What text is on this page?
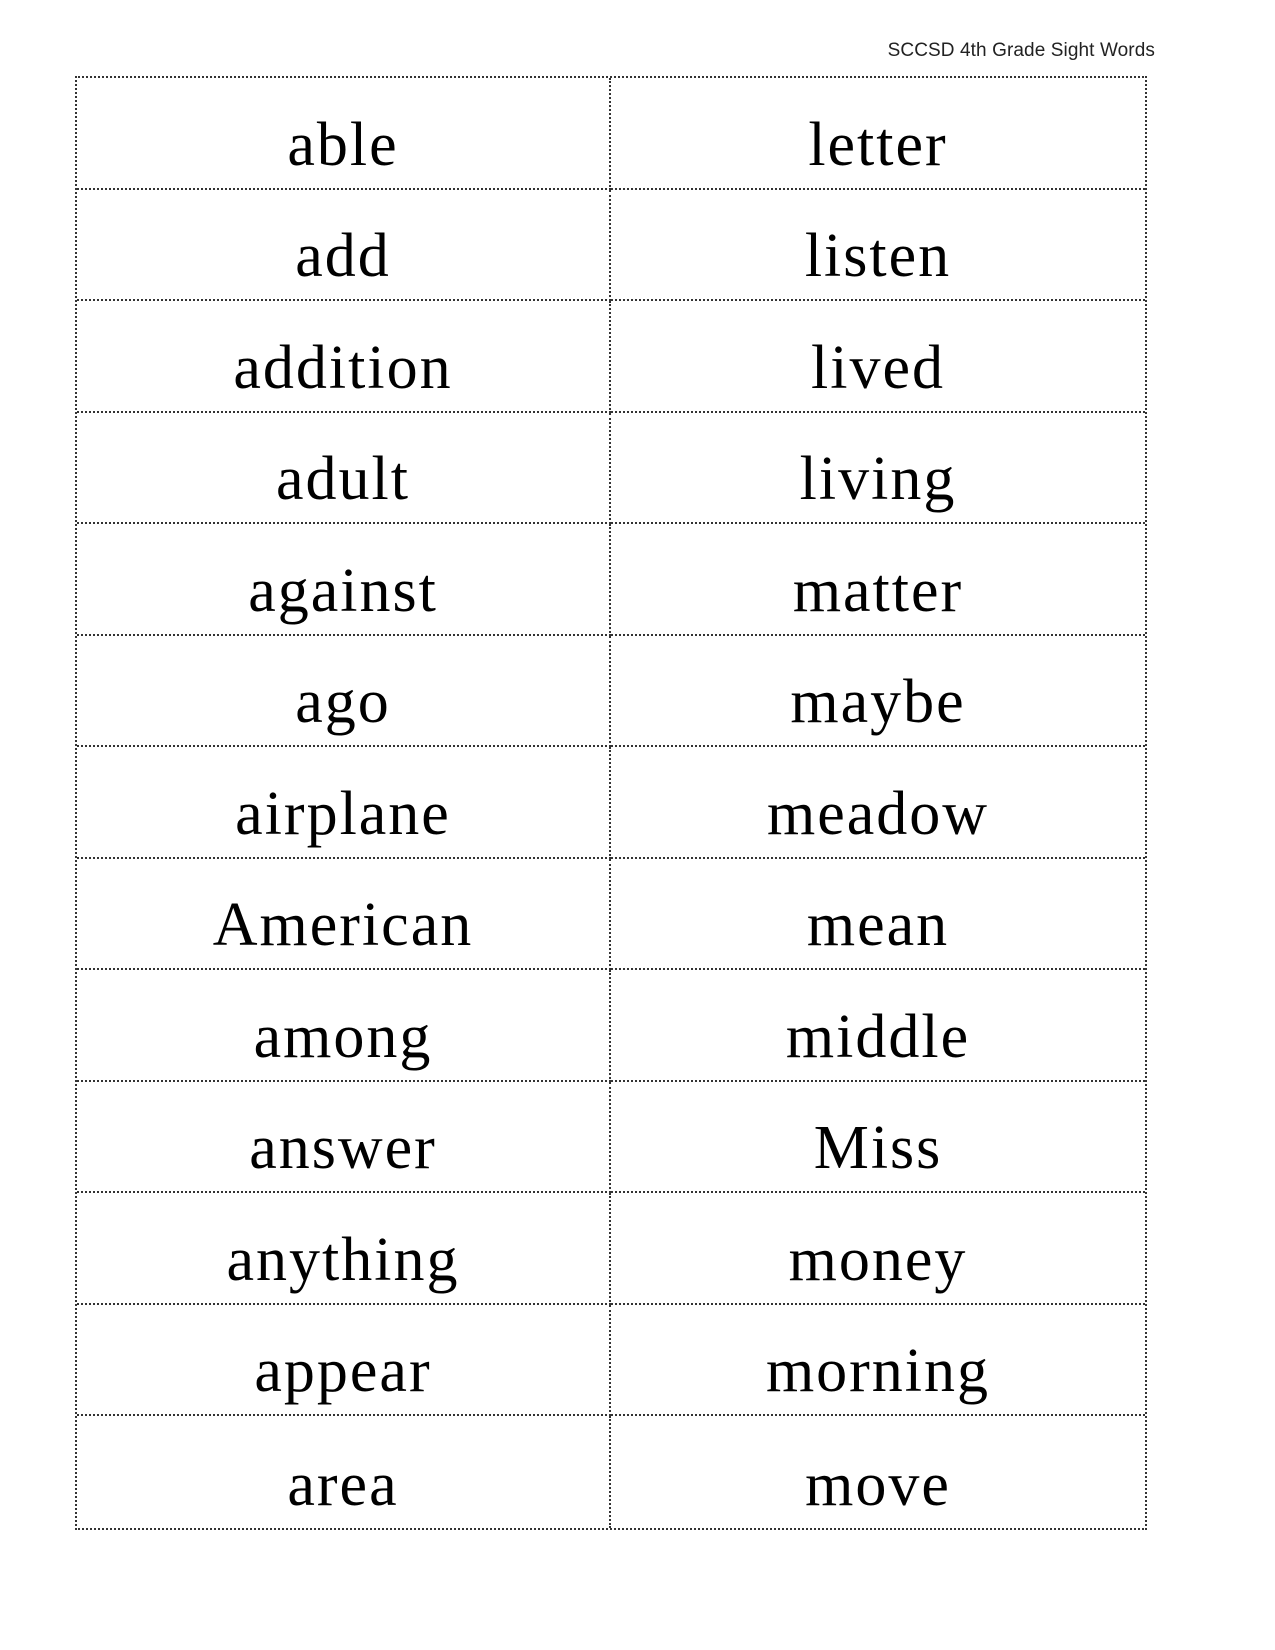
SCCSD 4th Grade Sight Words
able	letter
add	listen
addition	lived
adult	living
against	matter
ago	maybe
airplane	meadow
American	mean
among	middle
answer	Miss
anything	money
appear	morning
area	move
